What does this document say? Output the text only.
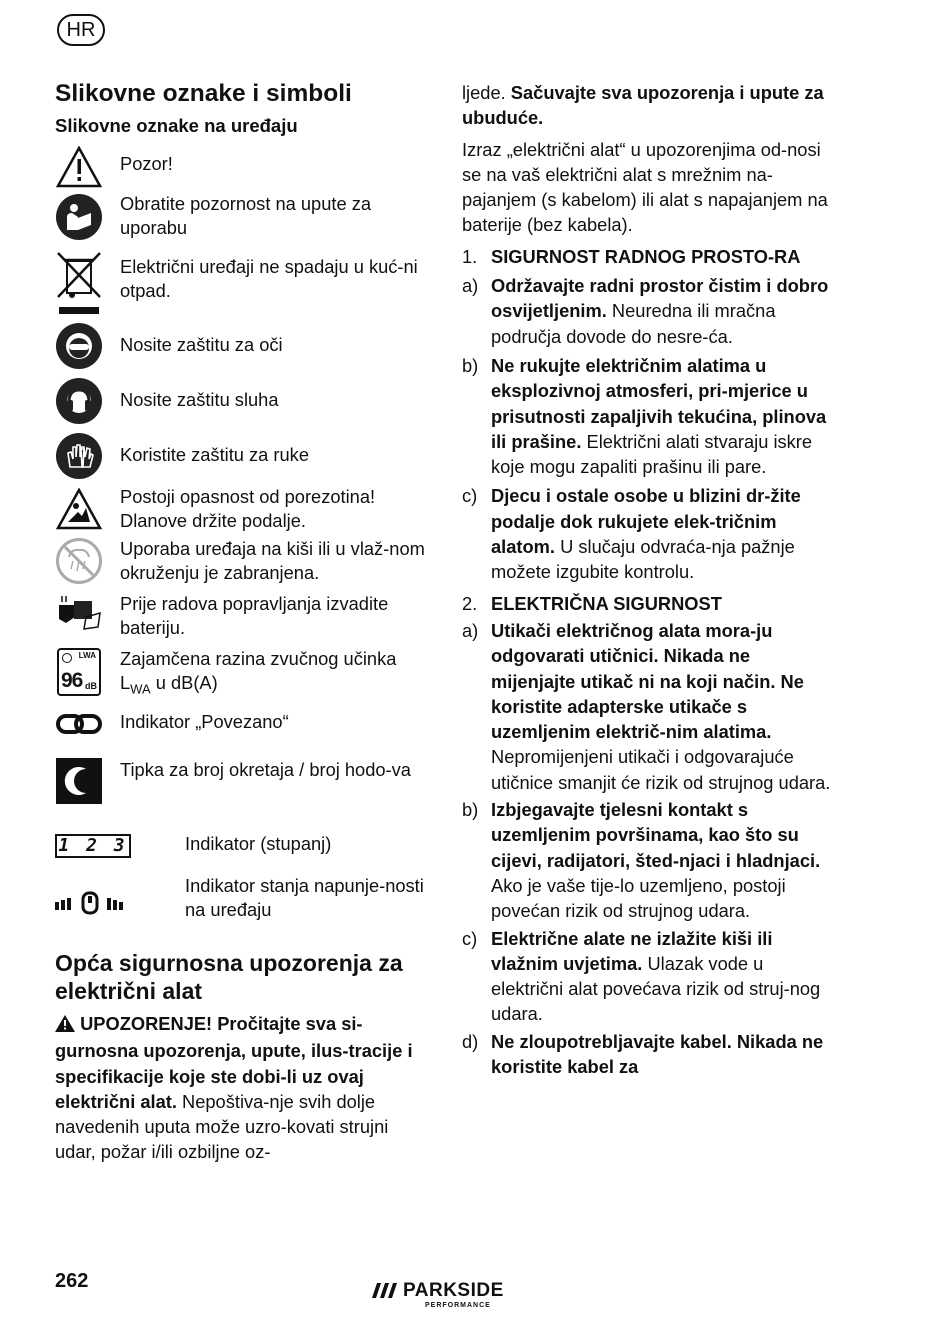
HR
Slikovne oznake i simboli
Slikovne oznake na uređaju
Pozor!
Obratite pozornost na upute za uporabu
Električni uređaji ne spadaju u kuć-ni otpad.
Nosite zaštitu za oči
Nosite zaštitu sluha
Koristite zaštitu za ruke
Postoji opasnost od porezotina! Dlanove držite podalje.
Uporaba uređaja na kiši ili u vlaž-nom okruženju je zabranjena.
Prije radova popravljanja izvadite bateriju.
LWA
96 dB
Zajamčena razina zvučnog učinka
$L_{WA}$ u dB(A)
Indikator „Povezano“
Tipka za broj okretaja / broj hodo-va
1 2 3	Indikator (stupanj)
Indikator stanja napunje-nosti na uređaju
Opća sigurnosna upozorenja za električni alat

UPOZORENJE! Pročitajte sva si-gurnosna upozorenja, upute, ilus-tracije i specifikacije koje ste dobi-li uz ovaj električni alat. Nepoštiva-nje svih dolje navedenih uputa može uzro-kovati strujni udar, požar i/ili ozbiljne oz-

ljede. Sačuvajte sva upozorenja i upute za ubuduće.

Izraz „električni alat“ u upozorenjima od-nosi se na vaš električni alat s mrežnim na-pajanjem (s kabelom) ili alat s napajanjem na baterije (bez kabela).

1. SIGURNOST RADNOG PROSTO-RA
a) Održavajte radni prostor čistim i dobro osvijetljenim. Neuredna ili mračna područja dovode do nesre-ća.
b) Ne rukujte električnim alatima u eksplozivnoj atmosferi, pri-mjerice u prisutnosti zapaljivih tekućina, plinova ili prašine. Električni alati stvaraju iskre koje mogu zapaliti prašinu ili pare.
c) Djecu i ostale osobe u blizini dr-žite podalje dok rukujete elek-tričnim alatom. U slučaju odvraća-nja pažnje možete izgubite kontrolu.
2. ELEKTRIČNA SIGURNOST
a) Utikači električnog alata mora-ju odgovarati utičnici. Nikada ne mijenjajte utikač ni na koji način. Ne koristite adapterske utikače s uzemljenim električ-nim alatima. Nepromijenjeni utikači i odgovarajuće utičnice smanjit će rizik od strujnog udara.
b) Izbjegavajte tjelesni kontakt s uzemljenim površinama, kao što su cijevi, radijatori, šted-njaci i hladnjaci. Ako je vaše tije-lo uzemljeno, postoji povećan rizik od strujnog udara.
c) Električne alate ne izlažite kiši ili vlažnim uvjetima. Ulazak vode u električni alat povećava rizik od struj-nog udara.
d) Ne zloupotrebljavajte kabel. Nikada ne koristite kabel za
262	PARKSIDE
PERFORMANCE
